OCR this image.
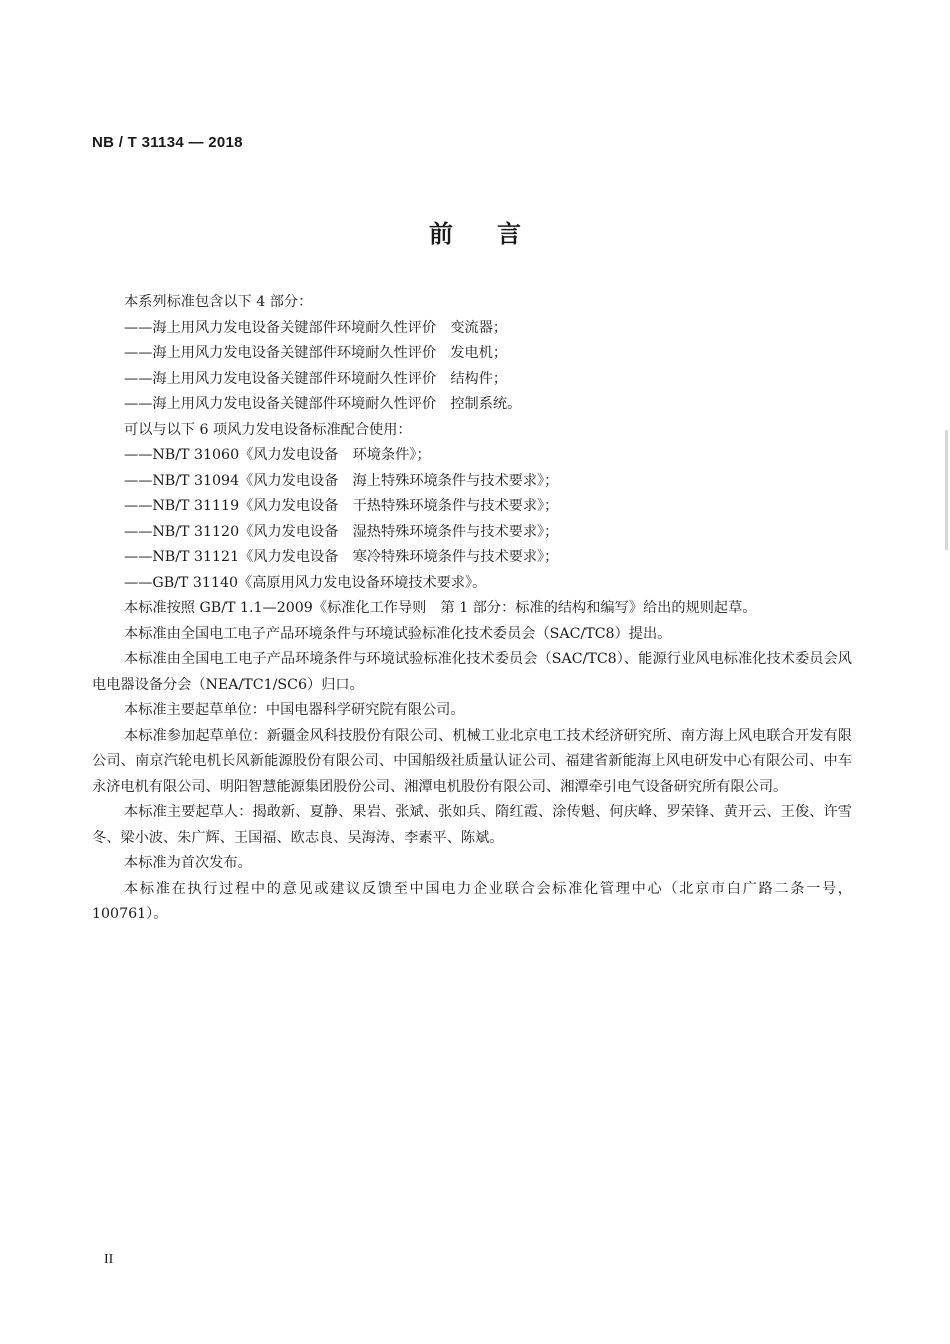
NB / T 31134 — 2018
前言

本系列标准包含以下 4 部分：

——海上用风力发电设备关键部件环境耐久性评价　变流器；

——海上用风力发电设备关键部件环境耐久性评价　发电机；

——海上用风力发电设备关键部件环境耐久性评价　结构件；

——海上用风力发电设备关键部件环境耐久性评价　控制系统。

可以与以下 6 项风力发电设备标准配合使用：

——NB/T 31060《风力发电设备　环境条件》；

——NB/T 31094《风力发电设备　海上特殊环境条件与技术要求》；

——NB/T 31119《风力发电设备　干热特殊环境条件与技术要求》；

——NB/T 31120《风力发电设备　湿热特殊环境条件与技术要求》；

——NB/T 31121《风力发电设备　寒冷特殊环境条件与技术要求》；

——GB/T 31140《高原用风力发电设备环境技术要求》。

本标准按照 GB/T 1.1—2009《标准化工作导则　第 1 部分：标准的结构和编写》给出的规则起草。

本标准由全国电工电子产品环境条件与环境试验标准化技术委员会（SAC/TC8）提出。

本标准由全国电工电子产品环境条件与环境试验标准化技术委员会（SAC/TC8）、能源行业风电标准化技术委员会风电电器设备分会（NEA/TC1/SC6）归口。

本标准主要起草单位：中国电器科学研究院有限公司。

本标准参加起草单位：新疆金风科技股份有限公司、机械工业北京电工技术经济研究所、南方海上风电联合开发有限公司、南京汽轮电机长风新能源股份有限公司、中国船级社质量认证公司、福建省新能海上风电研发中心有限公司、中车永济电机有限公司、明阳智慧能源集团股份公司、湘潭电机股份有限公司、湘潭牵引电气设备研究所有限公司。

本标准主要起草人：揭敢新、夏静、果岩、张斌、张如兵、隋红霞、涂传魁、何庆峰、罗荣锋、黄开云、王俊、许雪冬、梁小波、朱广辉、王国福、欧志良、吴海涛、李素平、陈斌。

本标准为首次发布。

本标准在执行过程中的意见或建议反馈至中国电力企业联合会标准化管理中心（北京市白广路二条一号，100761）。

II
